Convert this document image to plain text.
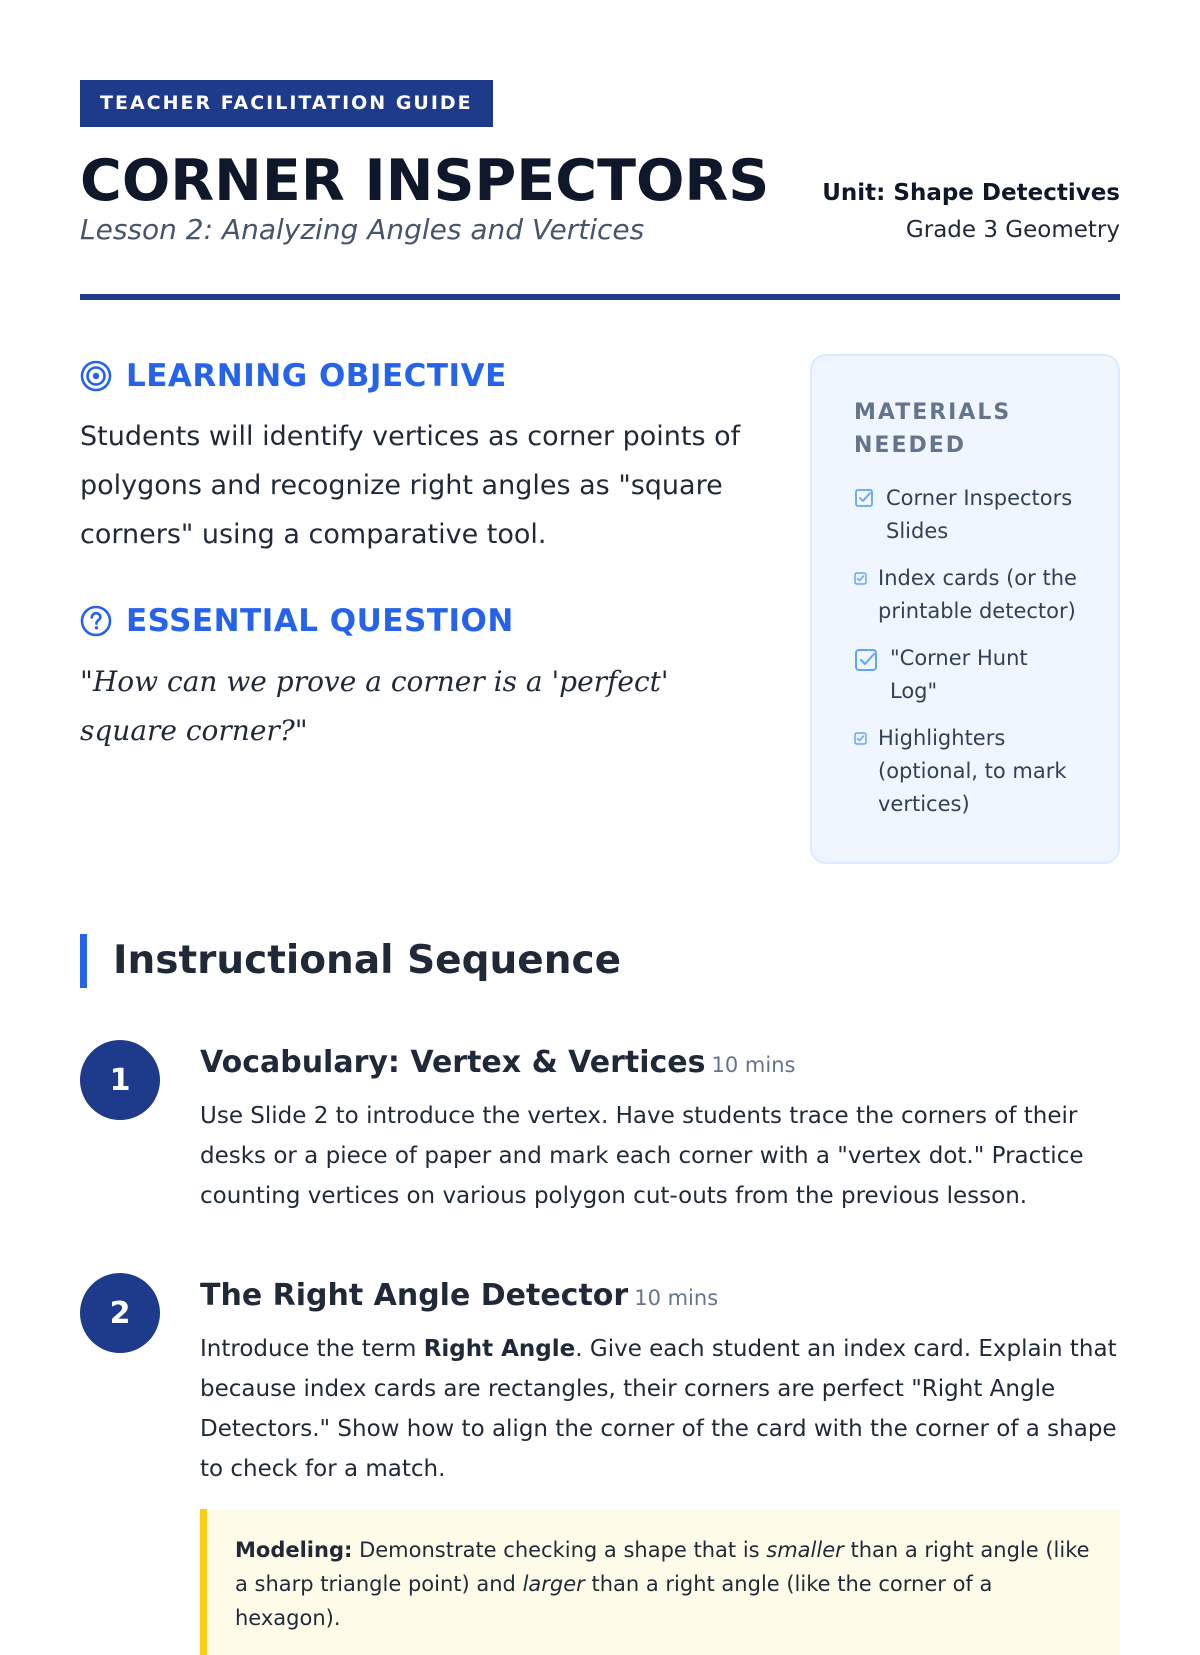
TEACHER FACILITATION GUIDE
CORNER INSPECTORS
Lesson 2: Analyzing Angles and Vertices
Unit: Shape Detectives
Grade 3 Geometry
LEARNING OBJECTIVE

Students will identify vertices as corner points of polygons and recognize right angles as "square corners" using a comparative tool.

ESSENTIAL QUESTION

"How can we prove a corner is a 'perfect' square corner?"

MATERIALS NEEDED
Corner Inspectors Slides
Index cards (or the printable detector)
"Corner Hunt Log"
Highlighters (optional, to mark vertices)
Instructional Sequence
1	Vocabulary: Vertex & Vertices 10 mins

Use Slide 2 to introduce the vertex. Have students trace the corners of their desks or a piece of paper and mark each corner with a "vertex dot." Practice counting vertices on various polygon cut-outs from the previous lesson.

2	The Right Angle Detector 10 mins

Introduce the term Right Angle. Give each student an index card. Explain that because index cards are rectangles, their corners are perfect "Right Angle Detectors." Show how to align the corner of the card with the corner of a shape to check for a match.

Modeling: Demonstrate checking a shape that is smaller than a right angle (like a sharp triangle point) and larger than a right angle (like the corner of a hexagon).
